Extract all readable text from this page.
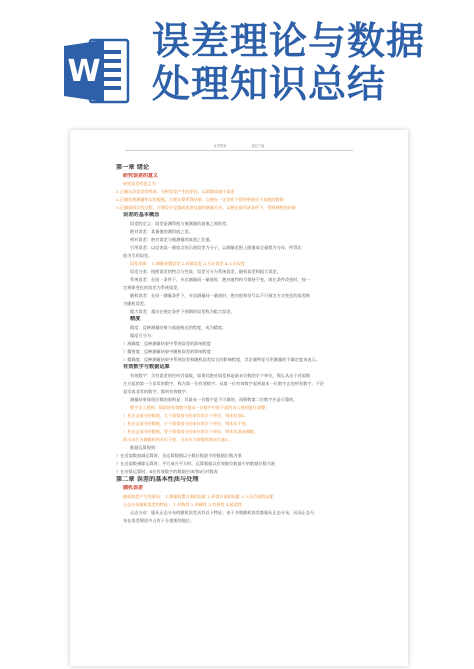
W
误差理论与数据处理知识总结
优秀教案	欢迎下载
第一章 绪论
研究误差的意义
研究误差的意义为：
1.正确认识误差的性质，分析误差产生的原因，以消除或减小误差
2.正确处理测量和实验数据，合理计算所得结果，以便在一定条件下得到更接近于真值的数据
3.正确组织实验过程，合理设计仪器或选用仪器和测量方法，以便在最经济条件下，得到理想的结果
误差的基本概念
误差的定义：误差是测得值与被测量的真值之间的差。
绝对误差：某量值的测得值之差。
相对误差：绝对误差与被测量的真值之比值。
引用误差：以仪表某一刻度点的示值误差为分子，以测量范围上限值或全量程为分母，所得比
值为引用误差。
误差来源： 1.测量装置误差 2.环境误差 3.方法误差 4.人员误差
误差分类：按照误差的特点与性质，误差可分为系统误差、随机误差和粗大误差。
系统误差：在同一条件下，多次测量同一量值时，绝对值和符号保持不变，或在条件改变时，按一
定规律变化的误差为系统误差。
随机误差：在同一测量条件下，多次测量同一量值时，绝对值和符号以不可预定方式变化的误差称
为随机误差。
粗大误差：超出在规定条件下预期的误差称为粗大误差。
精度
精度：反映测量结果与真值接近的程度，成为精度。
精度可分为：
）准确度：反映测量结果中系统误差的影响程度
）精密度：反映测量结果中随机误差的影响程度
）精确度：反映测量结果中系统误差和随机误差综合的影响程度，其定量特征可用测量的不确定度来表示。
有效数字与数据运算
有效数字：含有误差的任何近似数，如果其绝对误差界是最末位数的半个单位，那么从这个近似数
左方起的第一个非零的数字，称为第一位有效数字。从第一位有效数字起到最末一位数字止的所有数字，不论
是零或非零的数字，都叫有效数字。
测量结果保留位数的原则是：其最末一位数字是不可靠的，而倒数第二位数字应是可靠的。
数字舍入规则：保留的有效数字最末一位数字应按下面的舍入规则进行凑整：
）若舍去部分的数值，大于保留部分的末位的半个单位，则末位加1。
）若舍去部分的数值，小于保留部分的末位的半个单位，则末位不变。
）若舍去部分的数值，等于保留部分的末位的半个单位，则末位凑成偶数。
即当末位为偶数时则末位不变，当末位为奇数时则末位加1。
数据运算规则：
）在近似数加减运算时，各运算数据以小数位数最少的数据位数为准
）在近似数乘除运算时，平方或开平方时，运算数据以有效数位数最少的数据位数为准
）在对数运算时，n位有效数字的数据应该用n位对数表
第二章 误差的基本性质与处理
随机误差
随机误差产生的原因： 1.测量装置方面的因素 2.环境方面的因素 3.人员方面的因素
正态分布随机误差的特征： 1.对称性 2.单峰性 3.有界性 4.抵偿性
正态分布：服从正态分布的随机误差具有以下特征；由于多数随机误差都服从正态分布，因而正态分
布在误差理论中占有十分重要的地位。
